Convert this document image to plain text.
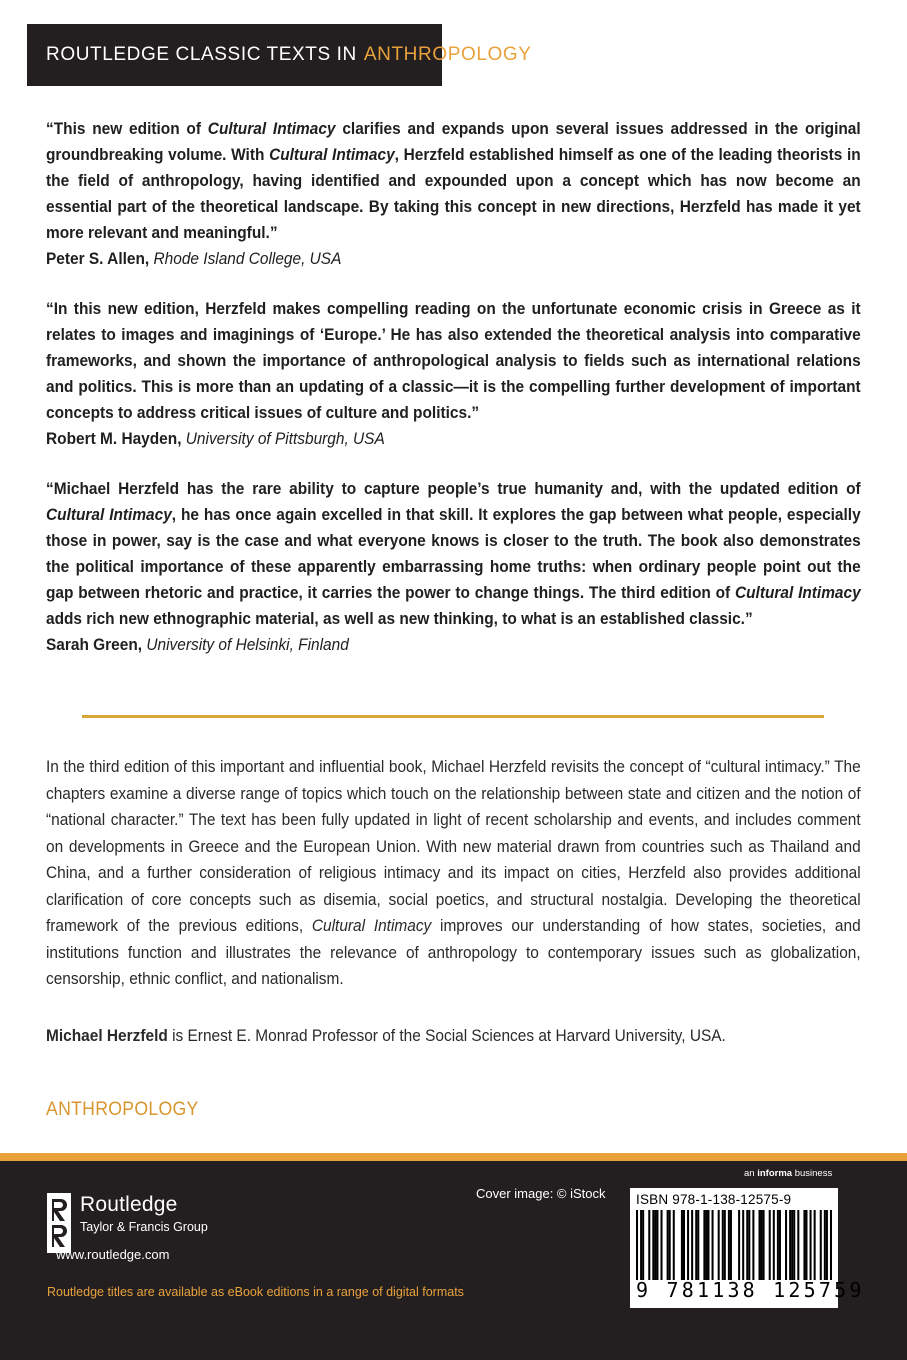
ROUTLEDGE CLASSIC TEXTS IN ANTHROPOLOGY

“This new edition of Cultural Intimacy clarifies and expands upon several issues addressed in the original groundbreaking volume. With Cultural Intimacy, Herzfeld established himself as one of the leading theorists in the field of anthropology, having identified and expounded upon a concept which has now become an essential part of the theoretical landscape. By taking this concept in new directions, Herzfeld has made it yet more relevant and meaningful.”

Peter S. Allen, Rhode Island College, USA

“In this new edition, Herzfeld makes compelling reading on the unfortunate economic crisis in Greece as it relates to images and imaginings of ‘Europe.’ He has also extended the theoretical analysis into comparative frameworks, and shown the importance of anthropological analysis to fields such as international relations and politics. This is more than an updating of a classic—it is the compelling further development of important concepts to address critical issues of culture and politics.”

Robert M. Hayden, University of Pittsburgh, USA

“Michael Herzfeld has the rare ability to capture people’s true humanity and, with the updated edition of Cultural Intimacy, he has once again excelled in that skill. It explores the gap between what people, especially those in power, say is the case and what everyone knows is closer to the truth. The book also demonstrates the political importance of these apparently embarrassing home truths: when ordinary people point out the gap between rhetoric and practice, it carries the power to change things. The third edition of Cultural Intimacy adds rich new ethnographic material, as well as new thinking, to what is an established classic.”

Sarah Green, University of Helsinki, Finland

In the third edition of this important and influential book, Michael Herzfeld revisits the concept of “cultural intimacy.” The chapters examine a diverse range of topics which touch on the relationship between state and citizen and the notion of “national character.” The text has been fully updated in light of recent scholarship and events, and includes comment on developments in Greece and the European Union. With new material drawn from countries such as Thailand and China, and a further consideration of religious intimacy and its impact on cities, Herzfeld also provides additional clarification of core concepts such as disemia, social poetics, and structural nostalgia. Developing the theoretical framework of the previous editions, Cultural Intimacy improves our understanding of how states, societies, and institutions function and illustrates the relevance of anthropology to contemporary issues such as globalization, censorship, ethnic conflict, and nationalism.

Michael Herzfeld is Ernest E. Monrad Professor of the Social Sciences at Harvard University, USA.

ANTHROPOLOGY
an informa business
Routledge
Taylor & Francis Group
www.routledge.com
Routledge titles are available as eBook editions in a range of digital formats
Cover image: © iStock ISBN 978-1-138-12575-9
9 781138 125759
